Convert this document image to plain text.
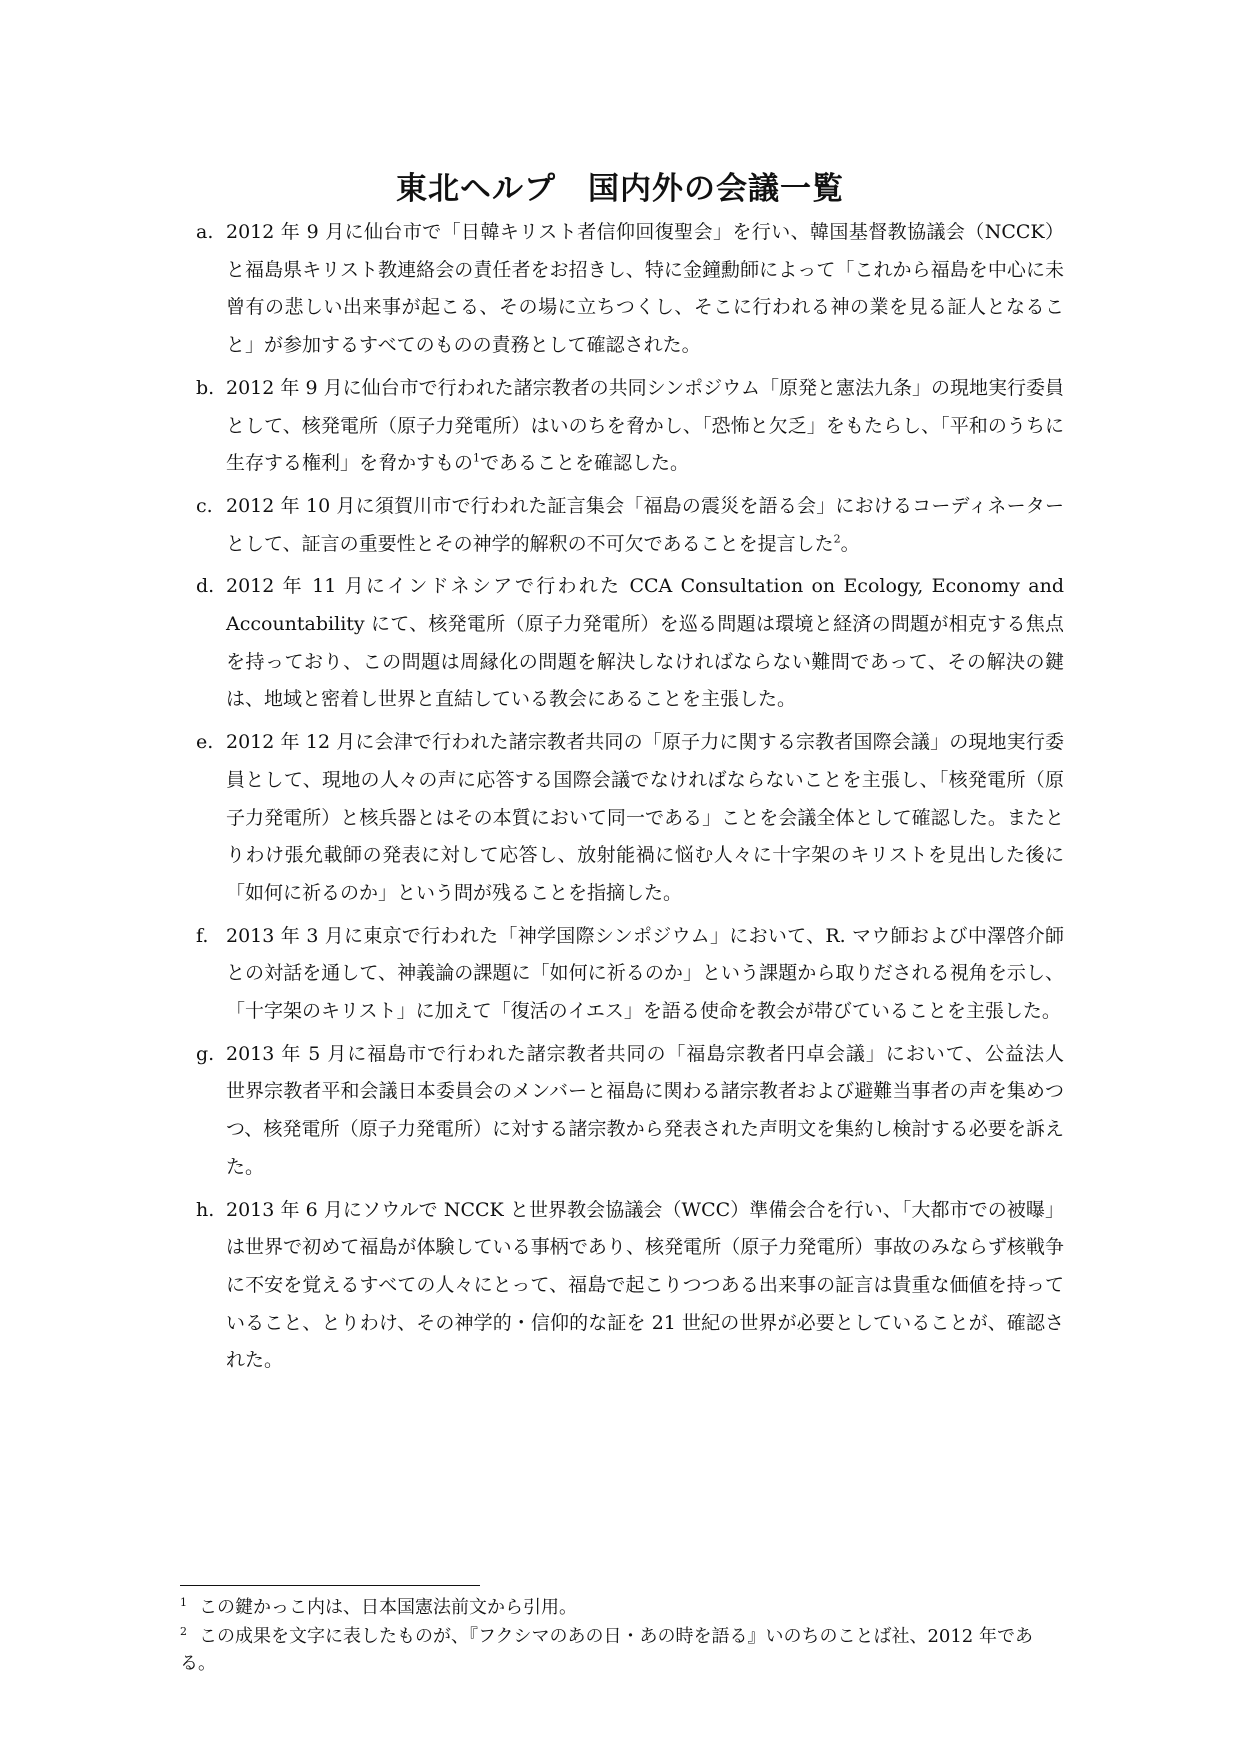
東北ヘルプ　国内外の会議一覧
a. 2012 年 9 月に仙台市で「日韓キリスト者信仰回復聖会」を行い、韓国基督教協議会（NCCK）と福島県キリスト教連絡会の責任者をお招きし、特に金鐘勳師によって「これから福島を中心に未曾有の悲しい出来事が起こる、その場に立ちつくし、そこに行われる神の業を見る証人となること」が参加するすべてのものの責務として確認された。
b. 2012 年 9 月に仙台市で行われた諸宗教者の共同シンポジウム「原発と憲法九条」の現地実行委員として、核発電所（原子力発電所）はいのちを脅かし、「恐怖と欠乏」をもたらし、「平和のうちに生存する権利」を脅かすもの$^1$であることを確認した。
c. 2012 年 10 月に須賀川市で行われた証言集会「福島の震災を語る会」におけるコーディネーターとして、証言の重要性とその神学的解釈の不可欠であることを提言した$^2$。
d. 2012 年 11 月にインドネシアで行われた CCA Consultation on Ecology, Economy and Accountability にて、核発電所（原子力発電所）を巡る問題は環境と経済の問題が相克する焦点を持っており、この問題は周縁化の問題を解決しなければならない難問であって、その解決の鍵は、地域と密着し世界と直結している教会にあることを主張した。
e. 2012 年 12 月に会津で行われた諸宗教者共同の「原子力に関する宗教者国際会議」の現地実行委員として、現地の人々の声に応答する国際会議でなければならないことを主張し、「核発電所（原子力発電所）と核兵器とはその本質において同一である」ことを会議全体として確認した。またとりわけ張允載師の発表に対して応答し、放射能禍に悩む人々に十字架のキリストを見出した後に「如何に祈るのか」という問が残ることを指摘した。
f. 2013 年 3 月に東京で行われた「神学国際シンポジウム」において、R. マウ師および中澤啓介師との対話を通して、神義論の課題に「如何に祈るのか」という課題から取りだされる視角を示し、「十字架のキリスト」に加えて「復活のイエス」を語る使命を教会が帯びていることを主張した。
g. 2013 年 5 月に福島市で行われた諸宗教者共同の「福島宗教者円卓会議」において、公益法人　世界宗教者平和会議日本委員会のメンバーと福島に関わる諸宗教者および避難当事者の声を集めつつ、核発電所（原子力発電所）に対する諸宗教から発表された声明文を集約し検討する必要を訴えた。
h. 2013 年 6 月にソウルで NCCK と世界教会協議会（WCC）準備会合を行い、「大都市での被曝」は世界で初めて福島が体験している事柄であり、核発電所（原子力発電所）事故のみならず核戦争に不安を覚えるすべての人々にとって、福島で起こりつつある出来事の証言は貴重な価値を持っていること、とりわけ、その神学的・信仰的な証を 21 世紀の世界が必要としていることが、確認された。

$^1$ この鍵かっこ内は、日本国憲法前文から引用。

$^2$ この成果を文字に表したものが、『フクシマのあの日・あの時を語る』いのちのことば社、2012 年である。
